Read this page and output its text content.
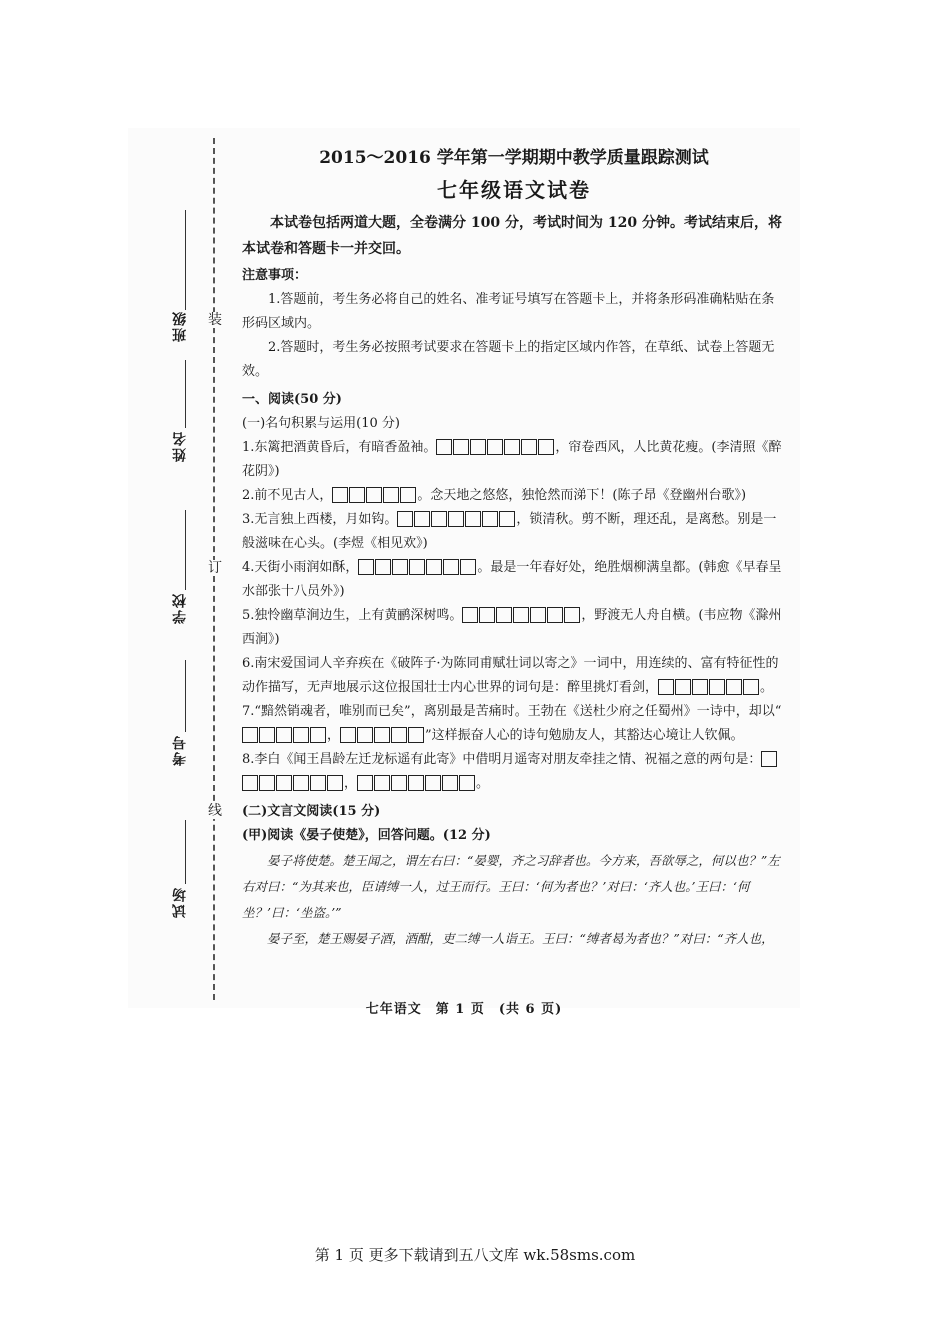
装
订
线
班级
姓名
学校
考号
试场
2015～2016 学年第一学期期中教学质量跟踪测试
七年级语文试卷
本试卷包括两道大题，全卷满分 100 分，考试时间为 120 分钟。考试结束后，将本试卷和答题卡一并交回。
注意事项：
1.答题前，考生务必将自己的姓名、准考证号填写在答题卡上，并将条形码准确粘贴在条形码区域内。
2.答题时，考生务必按照考试要求在答题卡上的指定区域内作答，在草纸、试卷上答题无效。
一、阅读(50 分)
(一)名句积累与运用(10 分)
1.东篱把酒黄昏后，有暗香盈袖。	，帘卷西风，人比黄花瘦。(李清照《醉花阴》)
2.前不见古人，	。念天地之悠悠，独怆然而涕下！(陈子昂《登幽州台歌》)
3.无言独上西楼，月如钩。	，锁清秋。剪不断，理还乱，是离愁。别是一般滋味在心头。(李煜《相见欢》)
4.天街小雨润如酥，	。最是一年春好处，绝胜烟柳满皇都。(韩愈《早春呈水部张十八员外》)
5.独怜幽草涧边生，上有黄鹂深树鸣。	，野渡无人舟自横。(韦应物《滁州西涧》)
6.南宋爱国词人辛弃疾在《破阵子·为陈同甫赋壮词以寄之》一词中，用连续的、富有特征性的动作描写，无声地展示这位报国壮士内心世界的词句是：醉里挑灯看剑，	。
7.“黯然销魂者，唯别而已矣”，离别最是苦痛时。王勃在《送杜少府之任蜀州》一诗中，却以“，	”这样振奋人心的诗句勉励友人，其豁达心境让人钦佩。
8.李白《闻王昌龄左迁龙标遥有此寄》中借明月遥寄对朋友牵挂之情、祝福之意的两句是：，	。
(二)文言文阅读(15 分)
(甲)阅读《晏子使楚》，回答问题。(12 分)
晏子将使楚。楚王闻之，谓左右曰：“晏婴，齐之习辞者也。今方来，吾欲辱之，何以也？”左右对曰：“为其来也，臣请缚一人，过王而行。王曰：‘何为者也？’对曰：‘齐人也。’王曰：‘何坐？’曰：‘坐盗。’”
晏子至，楚王赐晏子酒，酒酣，吏二缚一人诣王。王曰：“缚者曷为者也？”对曰：“齐人也，
七年语文　第 1 页　(共 6 页)
第 1 页 更多下载请到五八文库 wk.58sms.com
